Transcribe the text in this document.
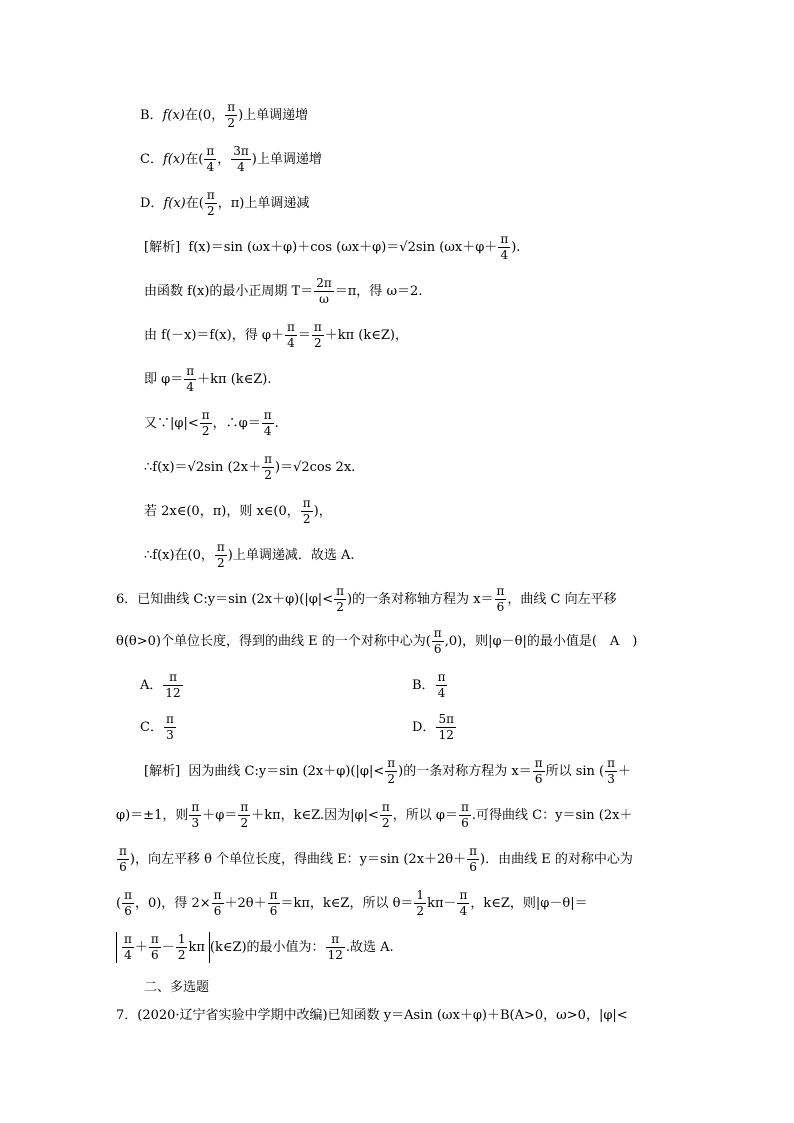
B．f(x)在(0， $\frac{\pi}{2}$ )上单调递增
C．f(x)在( $\frac{\pi}{4}$ ， $\frac{3\pi}{4}$ )上单调递增
D．f(x)在( $\frac{\pi}{2}$ ，π)上单调递减
[解析] f(x)＝sin (ωx＋φ)＋cos (ωx＋φ)＝√2sin ($\omega x+\varphi+ \frac{\pi}{4}$ ).
由函数 f(x)的最小正周期 $T= \frac{2\pi}{\omega} =\pi$，得 ω＝2.
由 f(－x)＝f(x)，得 $\varphi+ \frac{\pi}{4} = \frac{\pi}{2} +k\pi$ (k∈Z)，
即 $\varphi= \frac{\pi}{4} +k\pi$ (k∈Z).
又∵|φ|< $\frac{\pi}{2}$ ，∴φ＝ $\frac{\pi}{4}$ .
∴f(x)＝√2sin $(2x+ \frac{\pi}{2} )=√2\cos$ 2x.
若 2x∈(0，π)，则 x∈(0， $\frac{\pi}{2}$ )，
∴f(x)在(0， $\frac{\pi}{2}$ )上单调递减．故选 A.
6．已知曲线 C:y＝sin $(2x+\varphi)(|\varphi|< \frac{\pi}{2}$ )的一条对称轴方程为 $x= \frac{\pi}{6}$ ，曲线 C 向左平移
θ(θ>0)个单位长度，得到的曲线 E 的一个对称中心为( $\frac{\pi}{6} ,0$)，则|φ－θ|的最小值是(　A　)
A． $\frac{\pi}{12}$	B． $\frac{\pi}{4}$
C． $\frac{\pi}{3}$	D． $\frac{5\pi}{12}$
[解析] 因为曲线 C:y＝sin $(2x+\varphi)(|\varphi|< \frac{\pi}{2}$ )的一条对称方程为 $x= \frac{\pi}{6}$ 所以 sin ( $\frac{\pi}{3}$ ＋
φ)＝±1，则 $\frac{\pi}{3} +\varphi= \frac{\pi}{2} +k\pi$，k∈Z.因为$|\varphi|< \frac{\pi}{2}$ ，所以 $\varphi= \frac{\pi}{6}$ .可得曲线 C：y＝sin (2x＋
$\frac{\pi}{6}$ )，向左平移 θ 个单位长度，得曲线 E：y＝sin ($2x+2\theta+ \frac{\pi}{6}$ )．由曲线 E 的对称中心为
( $\frac{\pi}{6}$ ，0)，得 $2\times \frac{\pi}{6} +2\theta+ \frac{\pi}{6} =k\pi$，k∈Z，所以 $\theta= \frac{1}{2} k\pi- \frac{\pi}{4}$ ，k∈Z，则|φ－θ|＝
$\frac{\pi}{4} + \frac{\pi}{6} - \frac{1}{2}$ kπ (k∈Z)的最小值为： $\frac{\pi}{12}$ .故选 A.
二、多选题
7．(2020·辽宁省实验中学期中改编)已知函数 y＝Asin (ωx＋φ)＋B(A>0，ω>0，|φ|<
